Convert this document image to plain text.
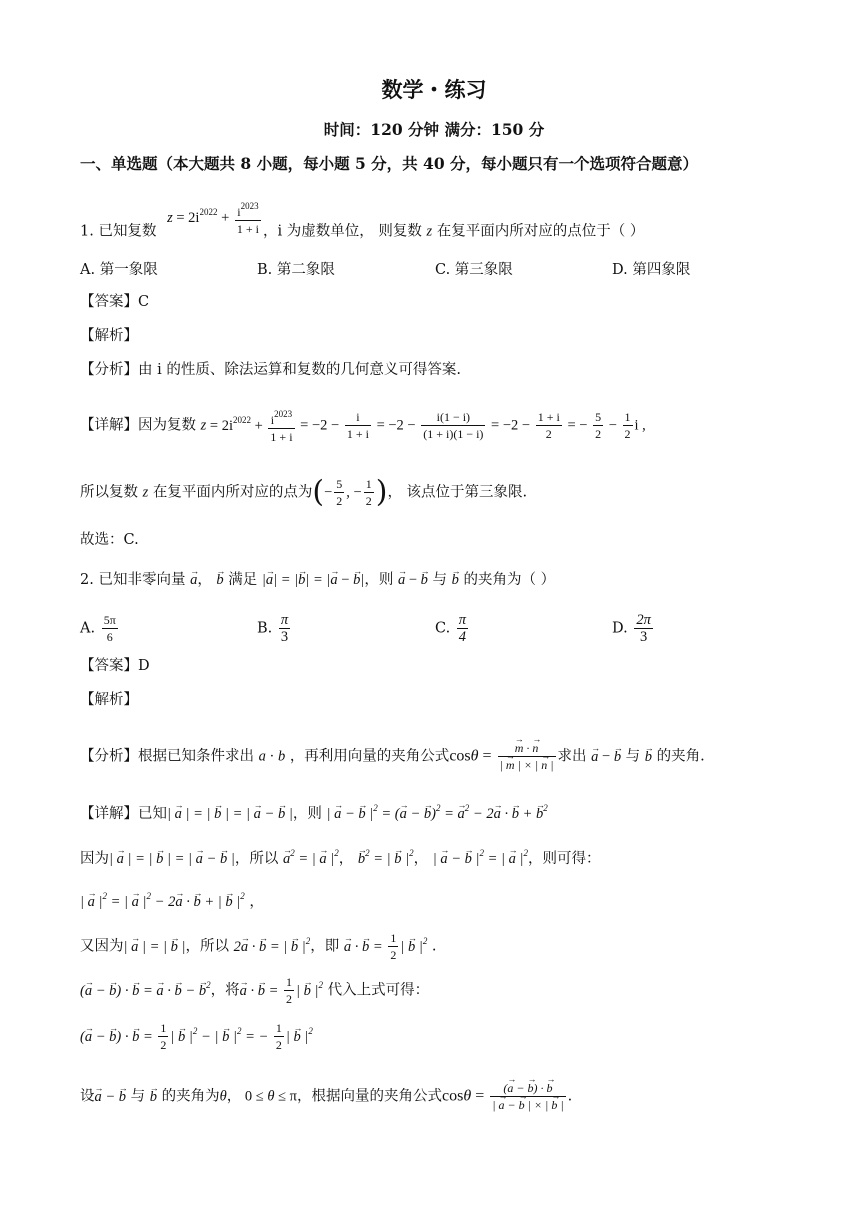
数学・练习
时间：120 分钟 满分：150 分
一、单选题（本大题共 8 小题，每小题 5 分，共 40 分，每小题只有一个选项符合题意）
1. 已知复数 $z = 2i^{2022} + \frac{i^{2023}}{1 + i}$ ，i 为虚数单位， 则复数 z 在复平面内所对应的点位于（ ）
A. 第一象限	B. 第二象限	C. 第三象限	D. 第四象限
【答案】C
【解析】
【分析】由 i 的性质、除法运算和复数的几何意义可得答案.
【详解】因为复数 $z = 2i^{2022} + \frac{i^{2023}}{1 + i} = -2 - \frac{i}{1 + i} = -2 - \frac{i(1 - i)}{(1 + i)(1 - i)} = -2 - \frac{1 + i}{2}$ = − $\frac{5}{2} - \frac{1}{2}$ i ,
所以复数 z 在复平面内所对应的点为(− $\frac{5}{2}$ , − $\frac{1}{2}$ )， 该点位于第三象限.
故选：C.
2. 已知非零向量 → a， → b 满足 |→ a| = |→ b| = |→ a − → b|，则 → a − → b 与 → b 的夹角为（ ）
A. $\frac{5\pi}{6}$	B. $\frac{\pi}{3}$	C. $\frac{\pi}{4}$	D. $\frac{2\pi}{3}$
【答案】D
【解析】
【分析】根据已知条件求出 a · b ，再利用向量的夹角公式cosθ = → $\frac{m \cdot \to n}{| \to m | \times | \to n |}$ 求出 → a − → b 与 → b 的夹角.
【详解】已知| → a | = | → b | = | → a − → b |，则 | → a − → b $|^2$ = (→ a − → b)$^2$ = → $a^2 - 2\to a$ · → b + → $b^2$
因为| → a | = | → b | = | → a − → b |，所以 → $a^2$ = | → a $|^2$， → $b^2$ = | → b $|^2$， | → a − → b $|^2$ = | → a $|^2$，则可得：
| → a $|^2$ = | → a $|^2 - 2\to a$ · → b + | → b $|^2$ ，
又因为| → a | = | → b |，所以 2→ a · → b = | → b $|^2$，即 → a · → $b = \frac{1}{2}$ | → b $|^2$ .
(→ a − → b) · → b = → a · → b − → $b^2$，将→ a · → $b = \frac{1}{2}$ | → b $|^2$ 代入上式可得：
(→ a − → b) · → $b = \frac{1}{2}$ | → b $|^2$ − | → b $|^2$ = − $\frac{1}{2}$ | → b $|^2$
设→ a − → b 与 → b 的夹角为θ， 0 ≤ θ ≤ π，根据向量的夹角公式$\cos\theta = \frac{(\to a - \to b) \cdot \to b}{| \to a - \to b | \times | \to b |}$ .
